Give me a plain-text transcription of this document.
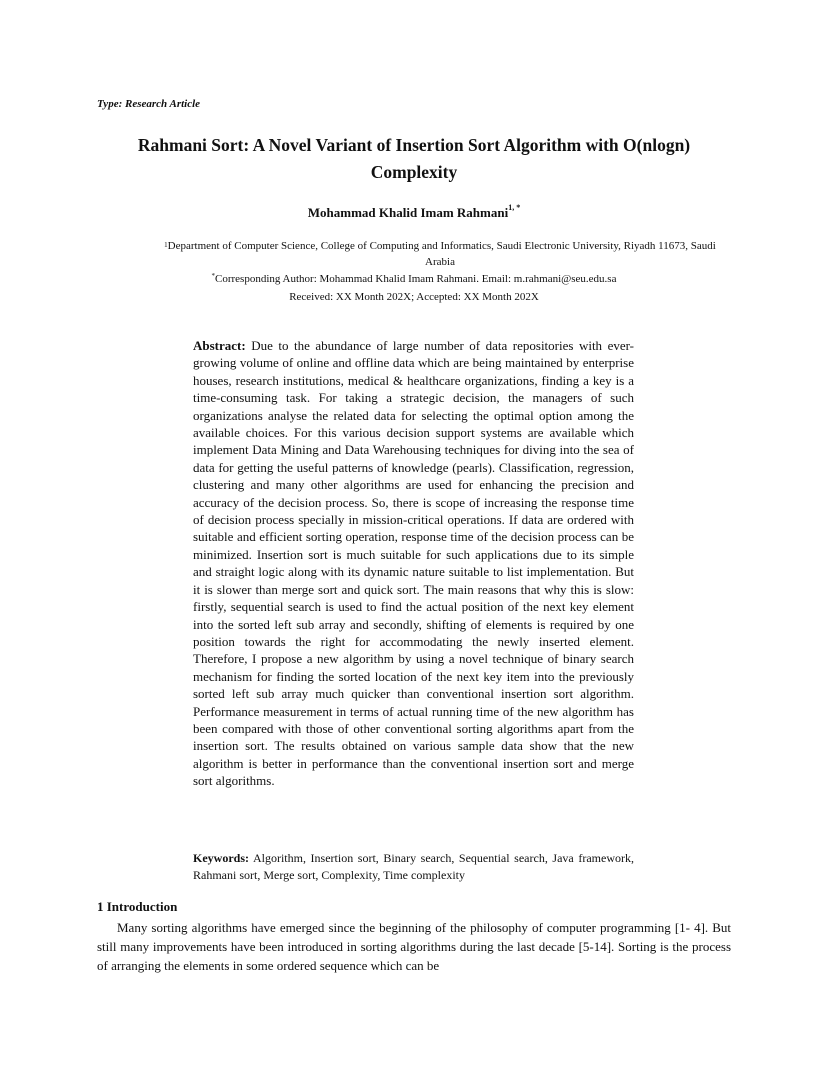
Type: Research Article
Rahmani Sort: A Novel Variant of Insertion Sort Algorithm with O(nlogn) Complexity
Mohammad Khalid Imam Rahmani$^{1, *}$
$^1$Department of Computer Science, College of Computing and Informatics, Saudi Electronic University, Riyadh 11673, Saudi Arabia
*Corresponding Author: Mohammad Khalid Imam Rahmani. Email: m.rahmani@seu.edu.sa
Received: XX Month 202X; Accepted: XX Month 202X
Abstract: Due to the abundance of large number of data repositories with ever-growing volume of online and offline data which are being maintained by enterprise houses, research institutions, medical & healthcare organizations, finding a key is a time-consuming task. For taking a strategic decision, the managers of such organizations analyse the related data for selecting the optimal option among the available choices. For this various decision support systems are available which implement Data Mining and Data Warehousing techniques for diving into the sea of data for getting the useful patterns of knowledge (pearls). Classification, regression, clustering and many other algorithms are used for enhancing the precision and accuracy of the decision process. So, there is scope of increasing the response time of decision process specially in mission-critical operations. If data are ordered with suitable and efficient sorting operation, response time of the decision process can be minimized. Insertion sort is much suitable for such applications due to its simple and straight logic along with its dynamic nature suitable to list implementation. But it is slower than merge sort and quick sort. The main reasons that why this is slow: firstly, sequential search is used to find the actual position of the next key element into the sorted left sub array and secondly, shifting of elements is required by one position towards the right for accommodating the newly inserted element. Therefore, I propose a new algorithm by using a novel technique of binary search mechanism for finding the sorted location of the next key item into the previously sorted left sub array much quicker than conventional insertion sort algorithm. Performance measurement in terms of actual running time of the new algorithm has been compared with those of other conventional sorting algorithms apart from the insertion sort. The results obtained on various sample data show that the new algorithm is better in performance than the conventional insertion sort and merge sort algorithms.
Keywords: Algorithm, Insertion sort, Binary search, Sequential search, Java framework, Rahmani sort, Merge sort, Complexity, Time complexity
1 Introduction
Many sorting algorithms have emerged since the beginning of the philosophy of computer programming [1- 4]. But still many improvements have been introduced in sorting algorithms during the last decade [5-14]. Sorting is the process of arranging the elements in some ordered sequence which can be
